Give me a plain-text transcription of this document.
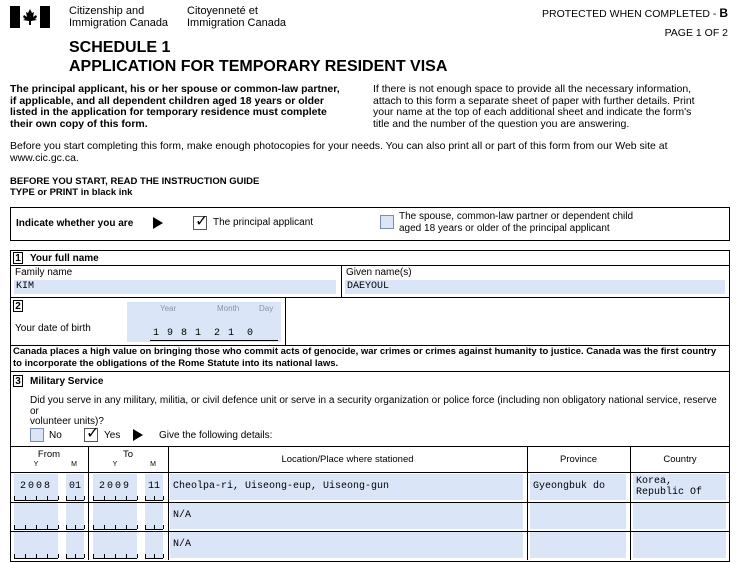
Citizenship and
Immigration Canada
Citoyenneté et
Immigration Canada
PROTECTED WHEN COMPLETED - B
PAGE 1 OF 2
SCHEDULE 1
APPLICATION FOR TEMPORARY RESIDENT VISA
The principal applicant, his or her spouse or common-law partner,
if applicable, and all dependent children aged 18 years or older
listed in the application for temporary residence must complete
their own copy of this form.
If there is not enough space to provide all the necessary information,
attach to this form a separate sheet of paper with further details. Print
your name at the top of each additional sheet and indicate the form's
title and the number of the question you are answering.
Before you start completing this form, make enough photocopies for your needs. You can also print all or part of this form from our Web site at
www.cic.gc.ca.
BEFORE YOU START, READ THE INSTRUCTION GUIDE
TYPE or PRINT in black ink
Indicate whether you are	✓ The principal applicant
The spouse, common-law partner or dependent child
aged 18 years or older of the principal applicant
1 Your full name
Family name
KIM
Given name(s)
DAEYOUL
2
Your date of birth
Year	Month Day
1 9 8 1	2 1	0
Canada places a high value on bringing those who commit acts of genocide, war crimes or crimes against humanity to justice. Canada was the first country
to incorporate the obligations of the Rome Statute into its national laws.
3 Military Service
Did you serve in any military, militia, or civil defence unit or serve in a security organization or police force (including non obligatory national service, reserve or
volunteer units)?
No ✓ Yes	Give the following details:
From
Y	M
To
Y	M	Location/Place where stationed	Province	Country
2008	01	2009	11	Cheolpa-ri, Uiseong-eup, Uiseong-gun	Gyeongbuk do	Korea,
Republic Of
N/A
N/A
